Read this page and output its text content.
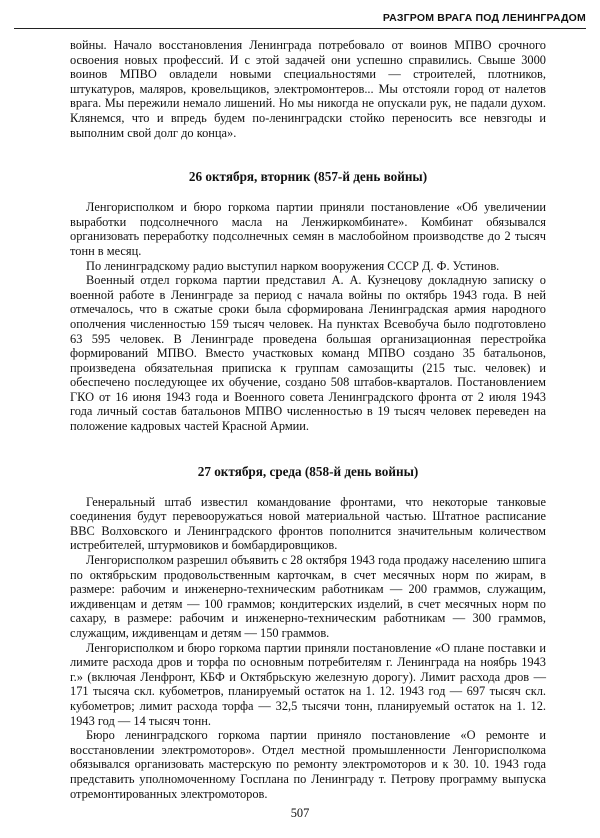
РАЗГРОМ ВРАГА ПОД ЛЕНИНГРАДОМ

войны. Начало восстановления Ленинграда потребовало от воинов МПВО срочного освоения новых профессий. И с этой задачей они успешно справились. Свыше 3000 воинов МПВО овладели новыми специальностями — строителей, плотников, штукатуров, маляров, кровельщиков, электромонтеров... Мы отстояли город от налетов врага. Мы пережили немало лишений. Но мы никогда не опускали рук, не падали духом. Клянемся, что и впредь будем по-ленинградски стойко переносить все невзгоды и выполним свой долг до конца».

26 октября, вторник (857-й день войны)

Ленгорисполком и бюро горкома партии приняли постановление «Об увеличении выработки подсолнечного масла на Ленжиркомбинате». Комбинат обязывался организовать переработку подсолнечных семян в маслобойном производстве до 2 тысяч тонн в месяц.

По ленинградскому радио выступил нарком вооружения СССР Д. Ф. Устинов.

Военный отдел горкома партии представил А. А. Кузнецову докладную записку о военной работе в Ленинграде за период с начала войны по октябрь 1943 года. В ней отмечалось, что в сжатые сроки была сформирована Ленинградская армия народного ополчения численностью 159 тысяч человек. На пунктах Всевобуча было подготовлено 63 595 человек. В Ленинграде проведена большая организационная перестройка формирований МПВО. Вместо участковых команд МПВО создано 35 батальонов, произведена обязательная приписка к группам самозащиты (215 тыс. человек) и обеспечено последующее их обучение, создано 508 штабов-кварталов. Постановлением ГКО от 16 июня 1943 года и Военного совета Ленинградского фронта от 2 июля 1943 года личный состав батальонов МПВО численностью в 19 тысяч человек переведен на положение кадровых частей Красной Армии.

27 октября, среда (858-й день войны)

Генеральный штаб известил командование фронтами, что некоторые танковые соединения будут перевооружаться новой материальной частью. Штатное расписание ВВС Волховского и Ленинградского фронтов пополнится значительным количеством истребителей, штурмовиков и бомбардировщиков.

Ленгорисполком разрешил объявить с 28 октября 1943 года продажу населению шпига по октябрьским продовольственным карточкам, в счет месячных норм по жирам, в размере: рабочим и инженерно-техническим работникам — 200 граммов, служащим, иждивенцам и детям — 100 граммов; кондитерских изделий, в счет месячных норм по сахару, в размере: рабочим и инженерно-техническим работникам — 300 граммов, служащим, иждивенцам и детям — 150 граммов.

Ленгорисполком и бюро горкома партии приняли постановление «О плане поставки и лимите расхода дров и торфа по основным потребителям г. Ленинграда на ноябрь 1943 г.» (включая Ленфронт, КБФ и Октябрьскую железную дорогу). Лимит расхода дров — 171 тысяча скл. кубометров, планируемый остаток на 1. 12. 1943 год — 697 тысяч скл. кубометров; лимит расхода торфа — 32,5 тысячи тонн, планируемый остаток на 1. 12. 1943 год — 14 тысяч тонн.

Бюро ленинградского горкома партии приняло постановление «О ремонте и восстановлении электромоторов». Отдел местной промышленности Ленгорисполкома обязывался организовать мастерскую по ремонту электромоторов и к 30. 10. 1943 года представить уполномоченному Госплана по Ленинграду т. Петрову программу выпуска отремонтированных электромоторов.

507
